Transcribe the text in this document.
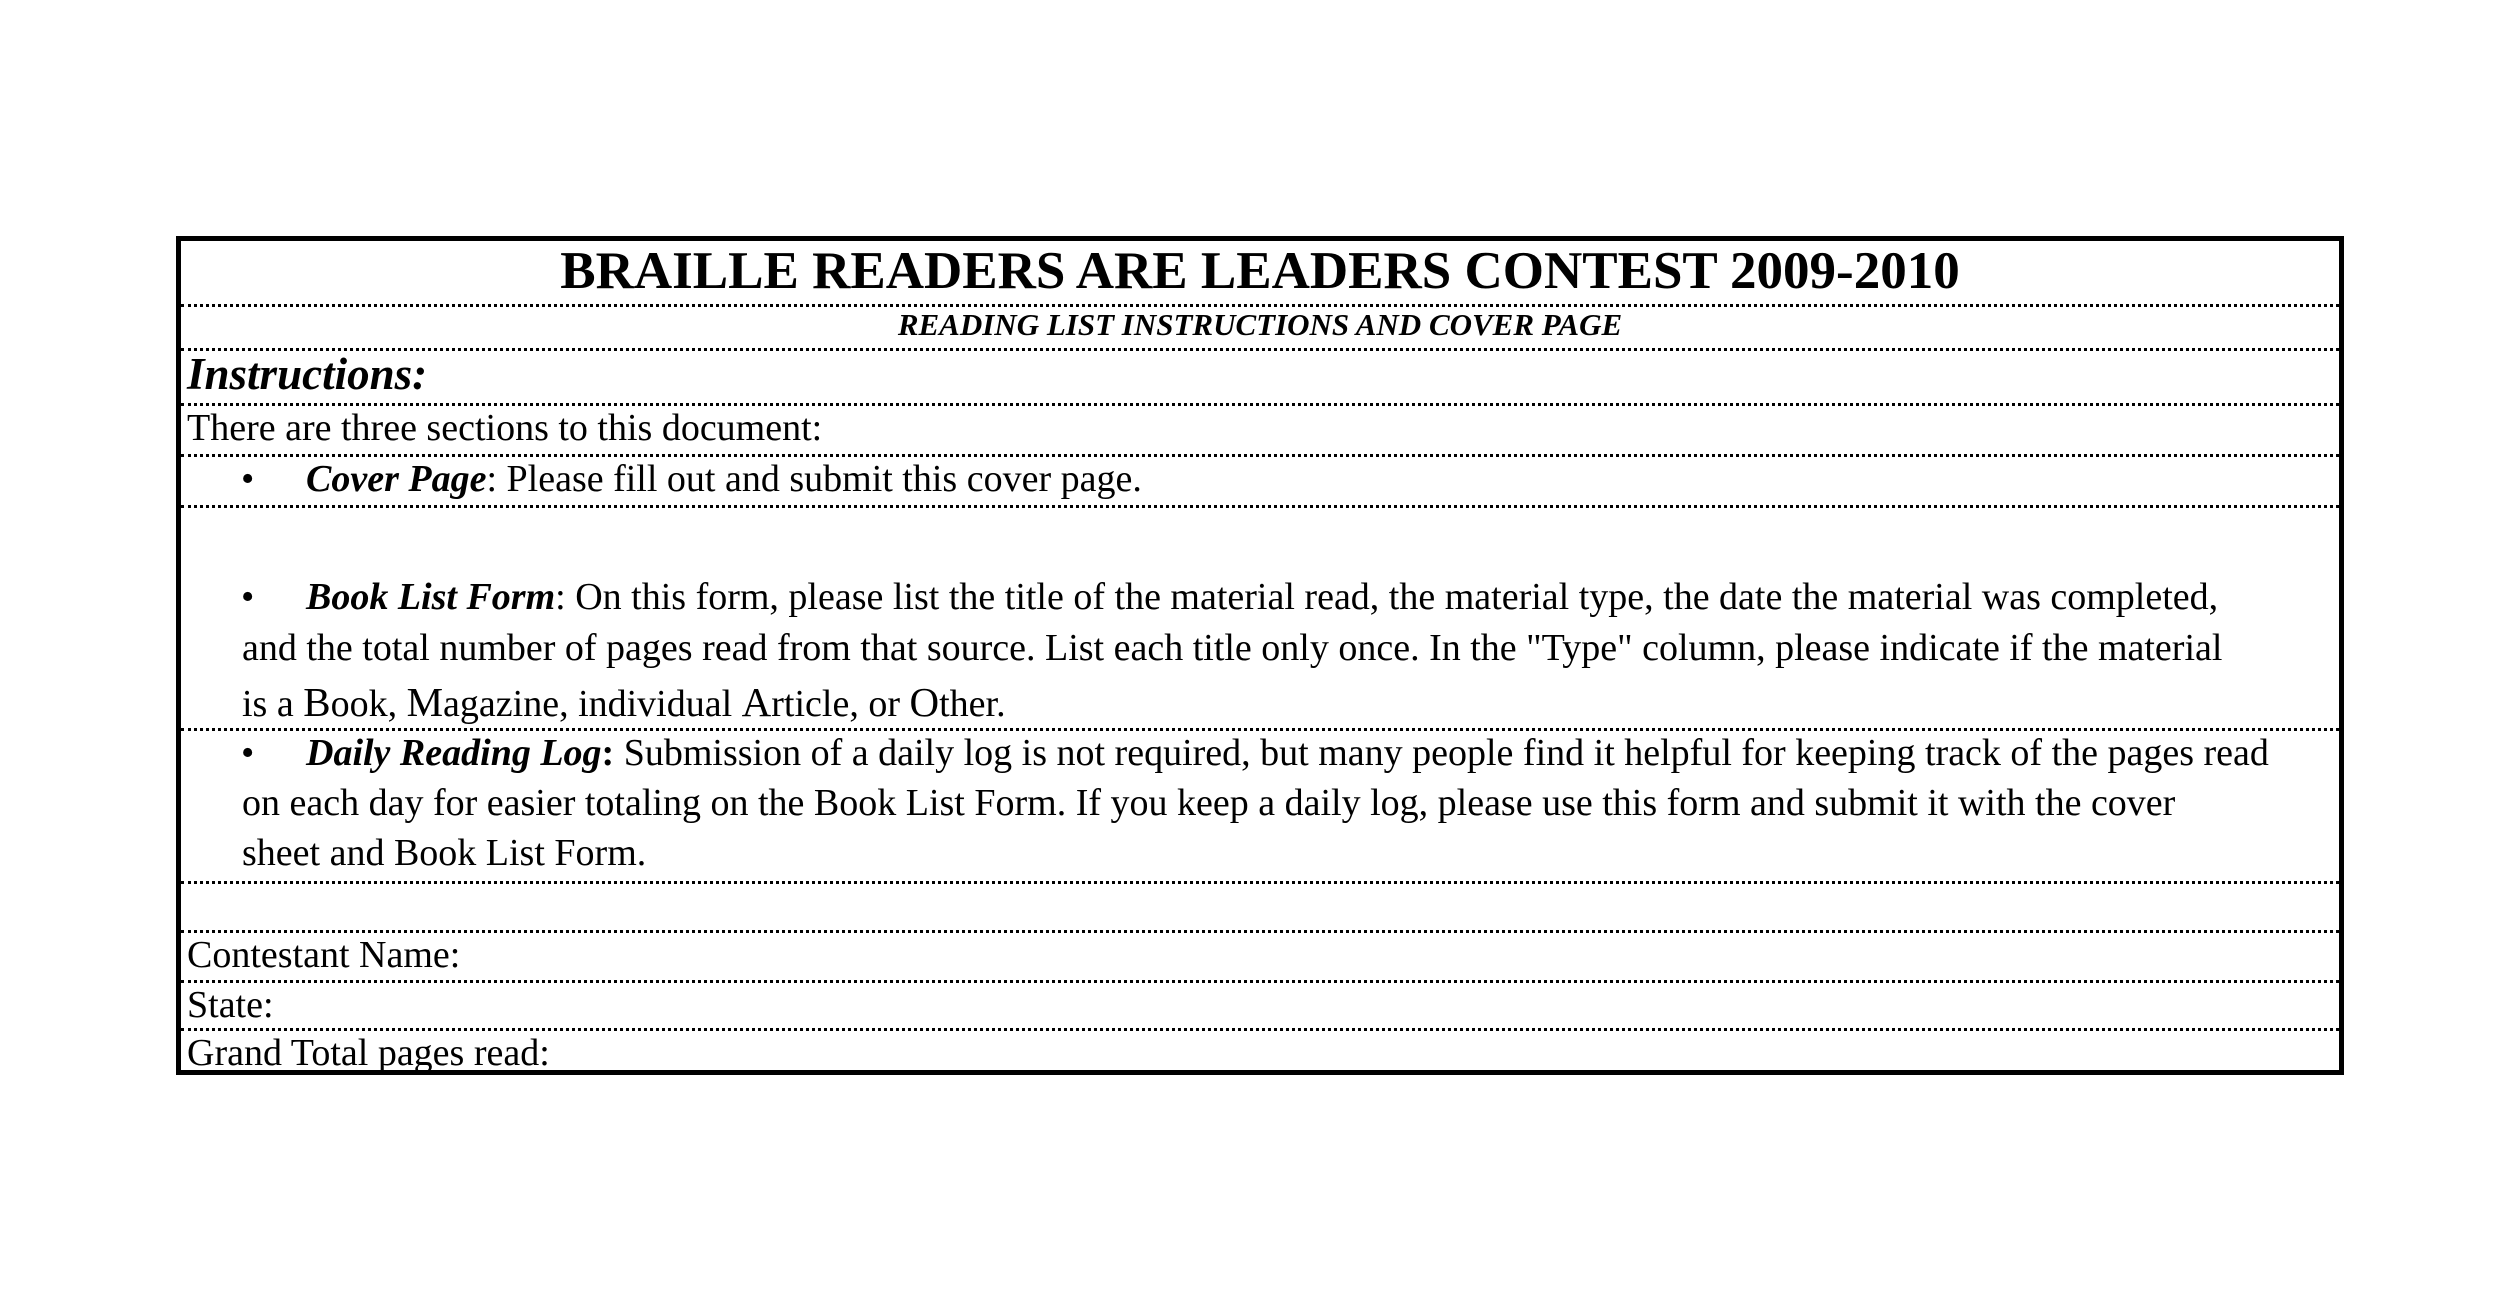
BRAILLE READERS ARE LEADERS CONTEST 2009-2010
READING LIST INSTRUCTIONS AND COVER PAGE
Instructions:
There are three sections to this document:
• Cover Page: Please fill out and submit this cover page.
• Book List Form: On this form, please list the title of the material read, the material type, the date the material was completed,
and the total number of pages read from that source. List each title only once. In the "Type" column, please indicate if the material
is a Book, Magazine, individual Article, or Other.
• Daily Reading Log: Submission of a daily log is not required, but many people find it helpful for keeping track of the pages read
on each day for easier totaling on the Book List Form. If you keep a daily log, please use this form and submit it with the cover
sheet and Book List Form.
Contestant Name:
State:
Grand Total pages read:
